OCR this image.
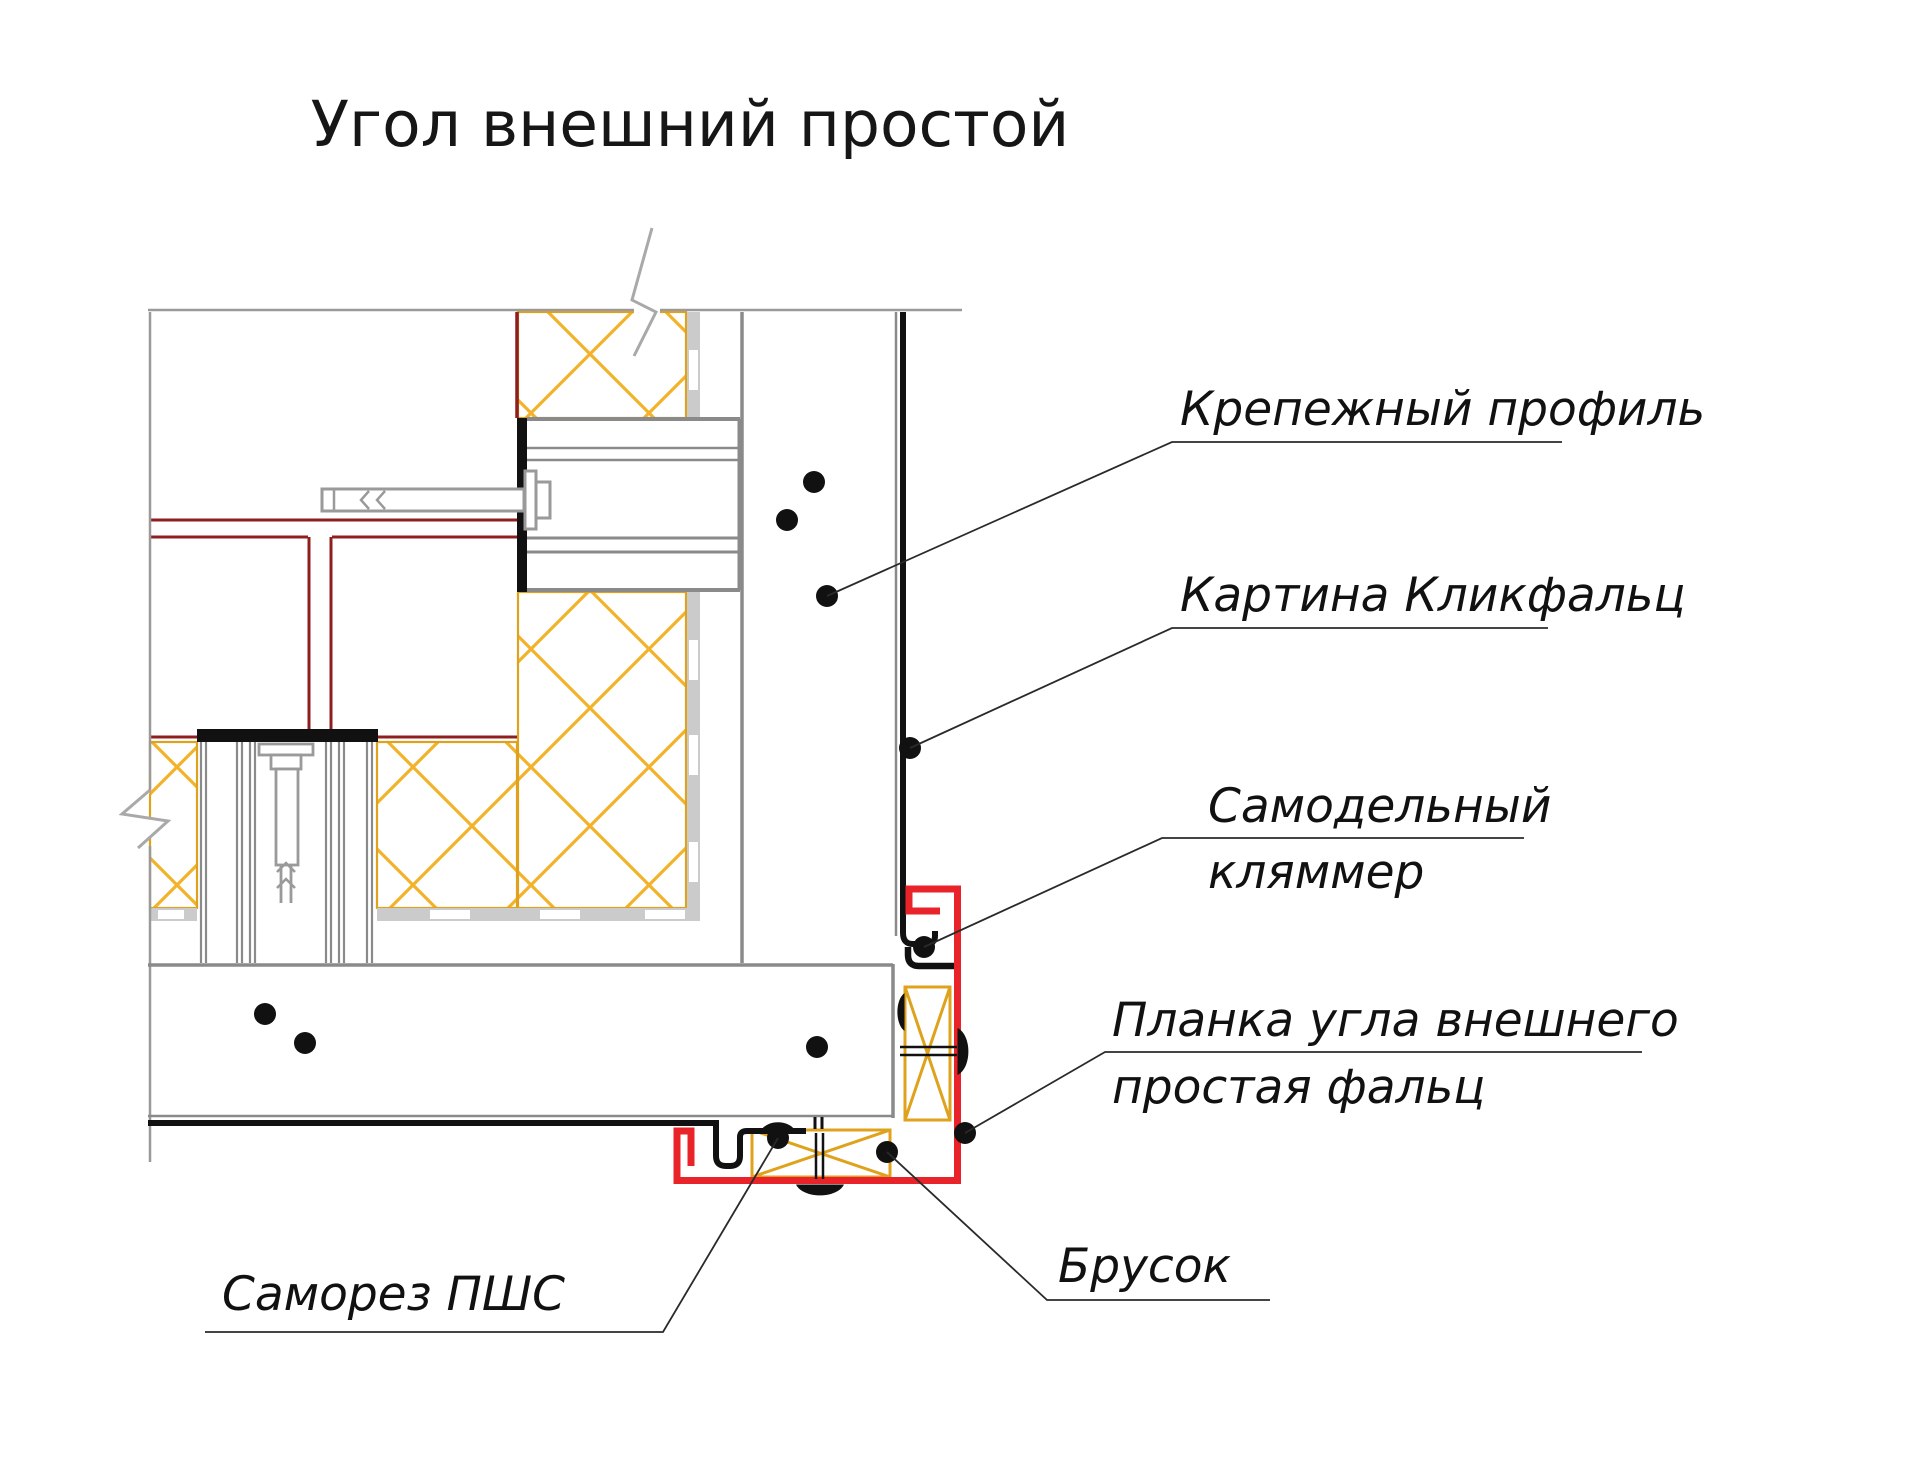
Угол внешний простой
Крепежный профиль
Картина Кликфальц
Самодельный
кляммер
Планка угла внешнего
простая фальц
Брусок
Саморез ПШС
